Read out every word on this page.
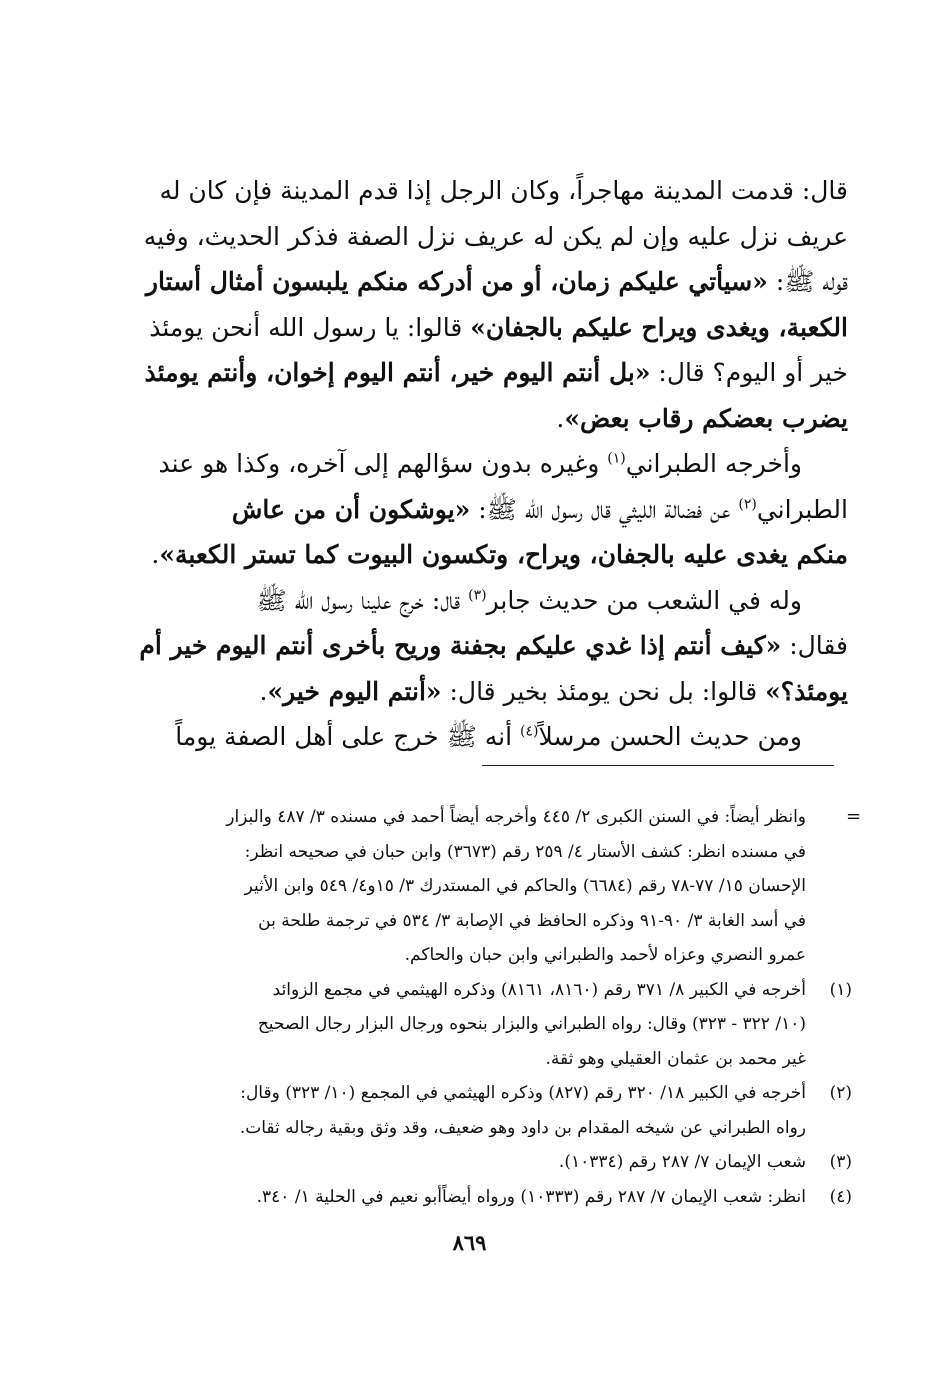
قال: قدمت المدينة مهاجراً، وكان الرجل إذا قدم المدينة فإن كان له
عريف نزل عليه وإن لم يكن له عريف نزل الصفة فذكر الحديث، وفيه
قوله ﷺ: «سيأتي عليكم زمان، أو من أدركه منكم يلبسون أمثال أستار
الكعبة، ويغدى ويراح عليكم بالجفان» قالوا: يا رسول الله أنحن يومئذ
خير أو اليوم؟ قال: «بل أنتم اليوم خير، أنتم اليوم إخوان، وأنتم يومئذ
يضرب بعضكم رقاب بعض».
وأخرجه الطبراني$^{(١)}$ وغيره بدون سؤالهم إلى آخره، وكذا هو عند
الطبراني$^{(٢)}$ عن فضالة الليثي قال رسول الله ﷺ: «يوشكون أن من عاش
منكم يغدى عليه بالجفان، ويراح، وتكسون البيوت كما تستر الكعبة».
وله في الشعب من حديث جابر$^{(٣)}$ قال: خرج علينا رسول الله ﷺ
فقال: «كيف أنتم إذا غدي عليكم بجفنة وريح بأخرى أنتم اليوم خير أم
يومئذ؟» قالوا: بل نحن يومئذ بخير قال: «أنتم اليوم خير».
ومن حديث الحسن مرسلاً$^{(٤)}$ أنه ﷺ خرج على أهل الصفة يوماً
=
وانظر أيضاً: في السنن الكبرى ٢/ ٤٤٥ وأخرجه أيضاً أحمد في مسنده ٣/ ٤٨٧ والبزار
في مسنده انظر: كشف الأستار ٤/ ٢٥٩ رقم (٣٦٧٣) وابن حبان في صحيحه انظر:
الإحسان ١٥/ ٧٧-٧٨ رقم (٦٦٨٤) والحاكم في المستدرك ٣/ ١٥و٤/ ٥٤٩ وابن الأثير
في أسد الغابة ٣/ ٩٠-٩١ وذكره الحافظ في الإصابة ٣/ ٥٣٤ في ترجمة طلحة بن
عمرو النصري وعزاه لأحمد والطبراني وابن حبان والحاكم.
(١)أخرجه في الكبير ٨/ ٣٧١ رقم (٨١٦٠، ٨١٦١) وذكره الهيثمي في مجمع الزوائد
(١٠/ ٣٢٢ - ٣٢٣) وقال: رواه الطبراني والبزار بنحوه ورجال البزار رجال الصحيح
غير محمد بن عثمان العقيلي وهو ثقة.
(٢)أخرجه في الكبير ١٨/ ٣٢٠ رقم (٨٢٧) وذكره الهيثمي في المجمع (١٠/ ٣٢٣) وقال:
رواه الطبراني عن شيخه المقدام بن داود وهو ضعيف، وقد وثق وبقية رجاله ثقات.
(٣)شعب الإيمان ٧/ ٢٨٧ رقم (١٠٣٣٤).
(٤)انظر: شعب الإيمان ٧/ ٢٨٧ رقم (١٠٣٣٣) ورواه أيضاًأبو نعيم في الحلية ١/ ٣٤٠.
٨٦٩
